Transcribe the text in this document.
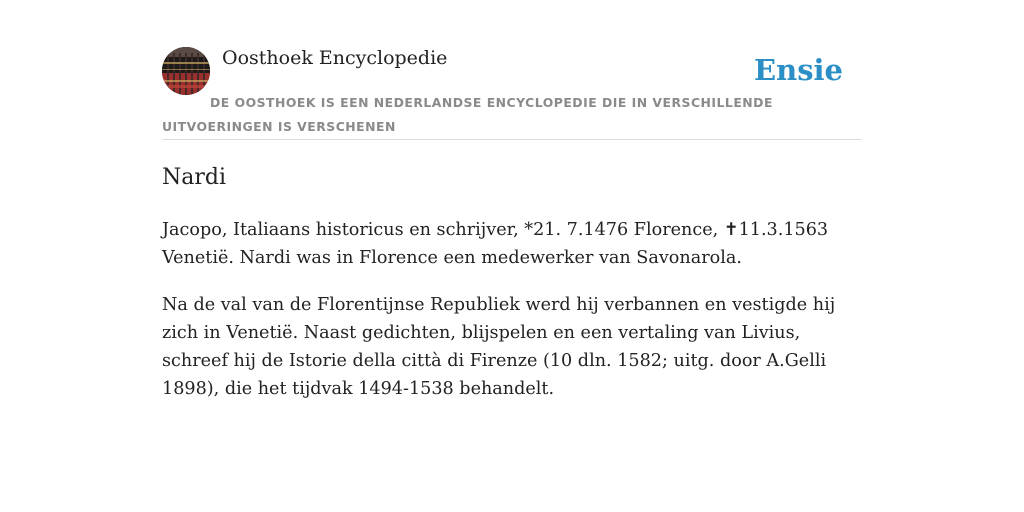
Oosthoek Encyclopedie	Ensie
DE OOSTHOEK IS EEN NEDERLANDSE ENCYCLOPEDIE DIE IN VERSCHILLENDE UITVOERINGEN IS VERSCHENEN
Nardi

Jacopo, Italiaans historicus en schrijver, *21. 7.1476 Florence, ✝11.3.1563 Venetië. Nardi was in Florence een medewerker van Savonarola.

Na de val van de Florentijnse Republiek werd hij verbannen en vestigde hij zich in Venetië. Naast gedichten, blijspelen en een vertaling van Livius, schreef hij de Istorie della città di Firenze (10 dln. 1582; uitg. door A.Gelli 1898), die het tijdvak 1494-1538 behandelt.
